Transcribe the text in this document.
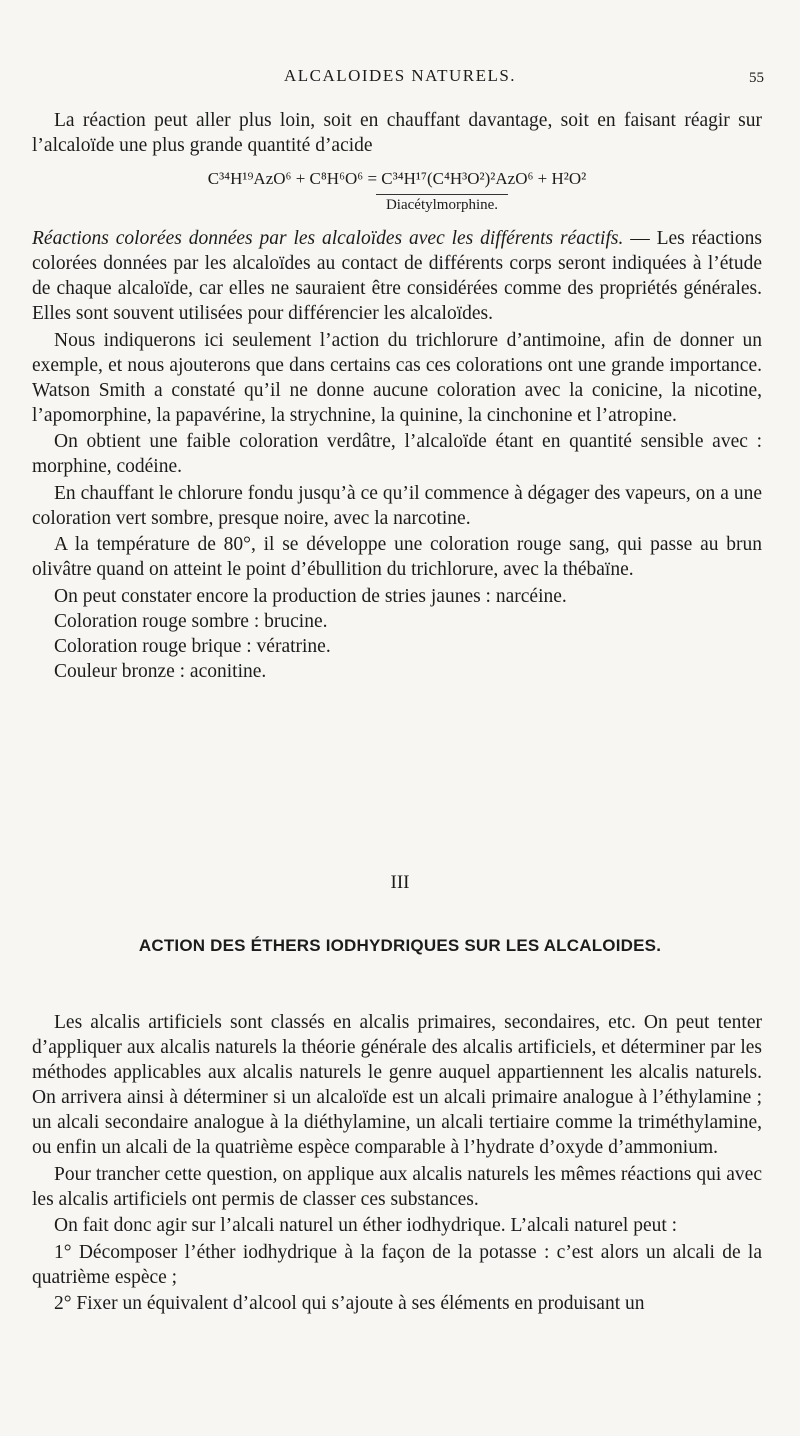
ALCALOIDES NATURELS.	55

La réaction peut aller plus loin, soit en chauffant davantage, soit en faisant réagir sur l’alcaloïde une plus grande quantité d’acide

C³⁴H¹⁹AzO⁶ + C⁸H⁶O⁶ = C³⁴H¹⁷(C⁴H³O²)²AzO⁶ + H²O²
Diacétylmorphine.

Réactions colorées données par les alcaloïdes avec les différents réactifs. — Les réactions colorées données par les alcaloïdes au contact de différents corps seront indiquées à l’étude de chaque alcaloïde, car elles ne sauraient être considérées comme des propriétés générales. Elles sont souvent utilisées pour différencier les alcaloïdes.

Nous indiquerons ici seulement l’action du trichlorure d’antimoine, afin de donner un exemple, et nous ajouterons que dans certains cas ces colorations ont une grande importance. Watson Smith a constaté qu’il ne donne aucune coloration avec la conicine, la nicotine, l’apomorphine, la papavérine, la strychnine, la quinine, la cinchonine et l’atropine.

On obtient une faible coloration verdâtre, l’alcaloïde étant en quantité sensible avec : morphine, codéine.

En chauffant le chlorure fondu jusqu’à ce qu’il commence à dégager des vapeurs, on a une coloration vert sombre, presque noire, avec la narcotine.

A la température de 80°, il se développe une coloration rouge sang, qui passe au brun olivâtre quand on atteint le point d’ébullition du trichlorure, avec la thébaïne.

On peut constater encore la production de stries jaunes : narcéine.

Coloration rouge sombre : brucine.

Coloration rouge brique : vératrine.

Couleur bronze : aconitine.

III
ACTION DES ÉTHERS IODHYDRIQUES SUR LES ALCALOIDES.

Les alcalis artificiels sont classés en alcalis primaires, secondaires, etc. On peut tenter d’appliquer aux alcalis naturels la théorie générale des alcalis artificiels, et déterminer par les méthodes applicables aux alcalis naturels le genre auquel appartiennent les alcalis naturels. On arrivera ainsi à déterminer si un alcaloïde est un alcali primaire analogue à l’éthylamine ; un alcali secondaire analogue à la diéthylamine, un alcali tertiaire comme la triméthylamine, ou enfin un alcali de la quatrième espèce comparable à l’hydrate d’oxyde d’ammonium.

Pour trancher cette question, on applique aux alcalis naturels les mêmes réactions qui avec les alcalis artificiels ont permis de classer ces substances.

On fait donc agir sur l’alcali naturel un éther iodhydrique. L’alcali naturel peut :

1° Décomposer l’éther iodhydrique à la façon de la potasse : c’est alors un alcali de la quatrième espèce ;

2° Fixer un équivalent d’alcool qui s’ajoute à ses éléments en produisant un
